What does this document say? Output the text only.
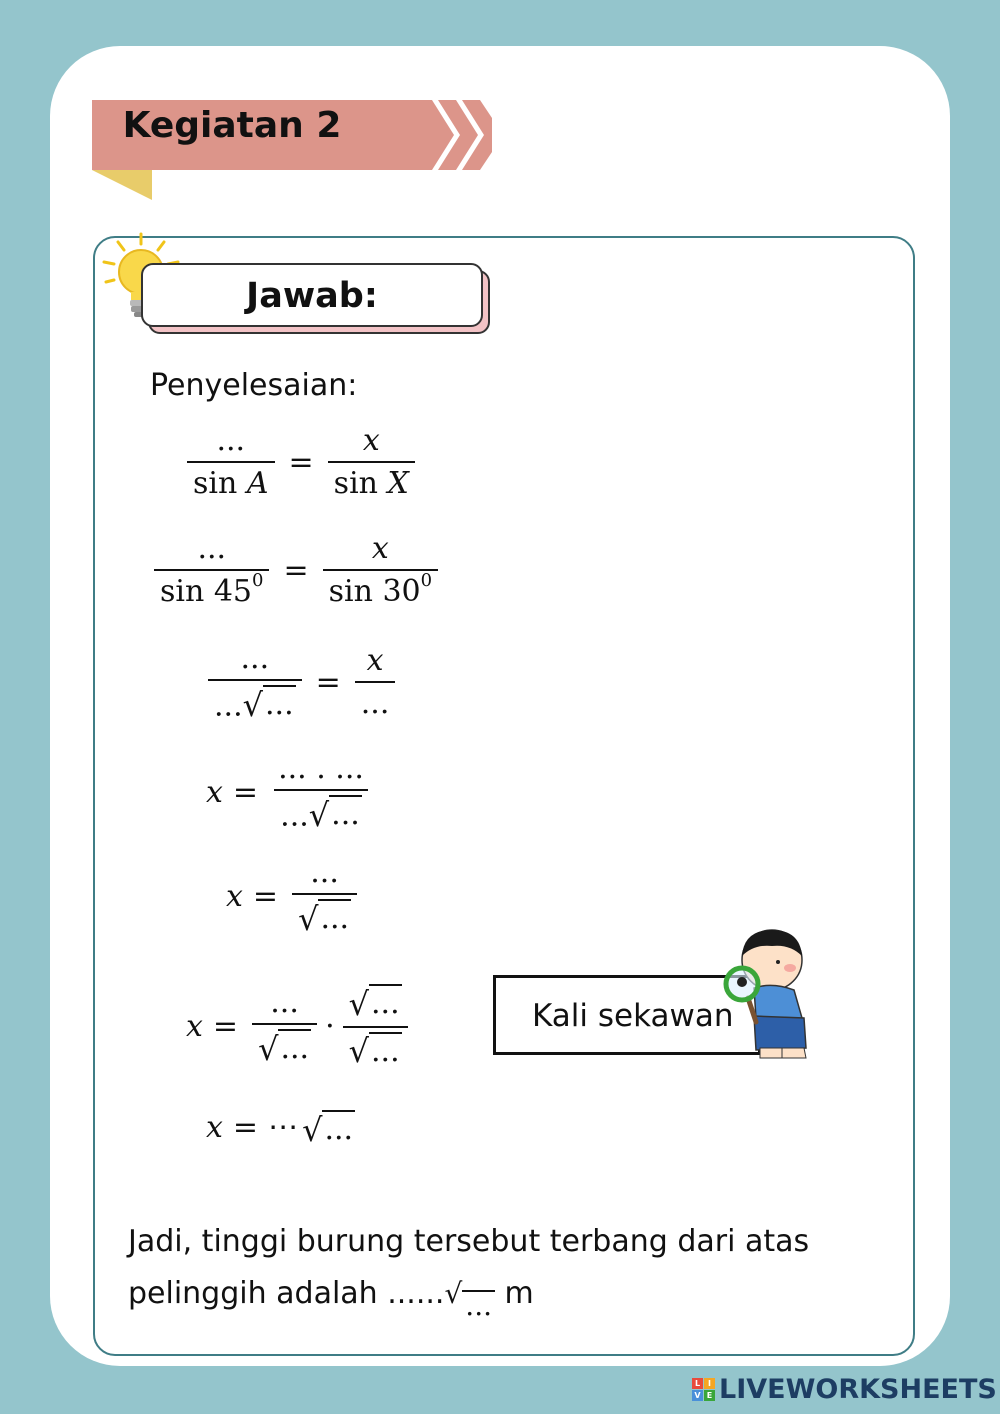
Kegiatan 2
Jawab:
Penyelesaian:
$\frac{...}{\text{sin A}} = \frac{x}{\text{sin X}}$
$\frac{...}{\sin 45^0} = \frac{x}{\sin 30^0}$
$\frac{...}{... √ ...} = \frac{x}{...}$
$x = \frac{... . ...}{... √ ...}$
$x = \frac{...}{√ ...}$
$x = \frac{...}{√ ...} \cdot \frac{√ ...}{√ ...}$
x = ⋯ √ ...
Kali sekawan
Jadi, tinggi burung tersebut terbang dari atas
pelinggih adalah ...... √ ... m
L I
V E LIVEWORKSHEETS
